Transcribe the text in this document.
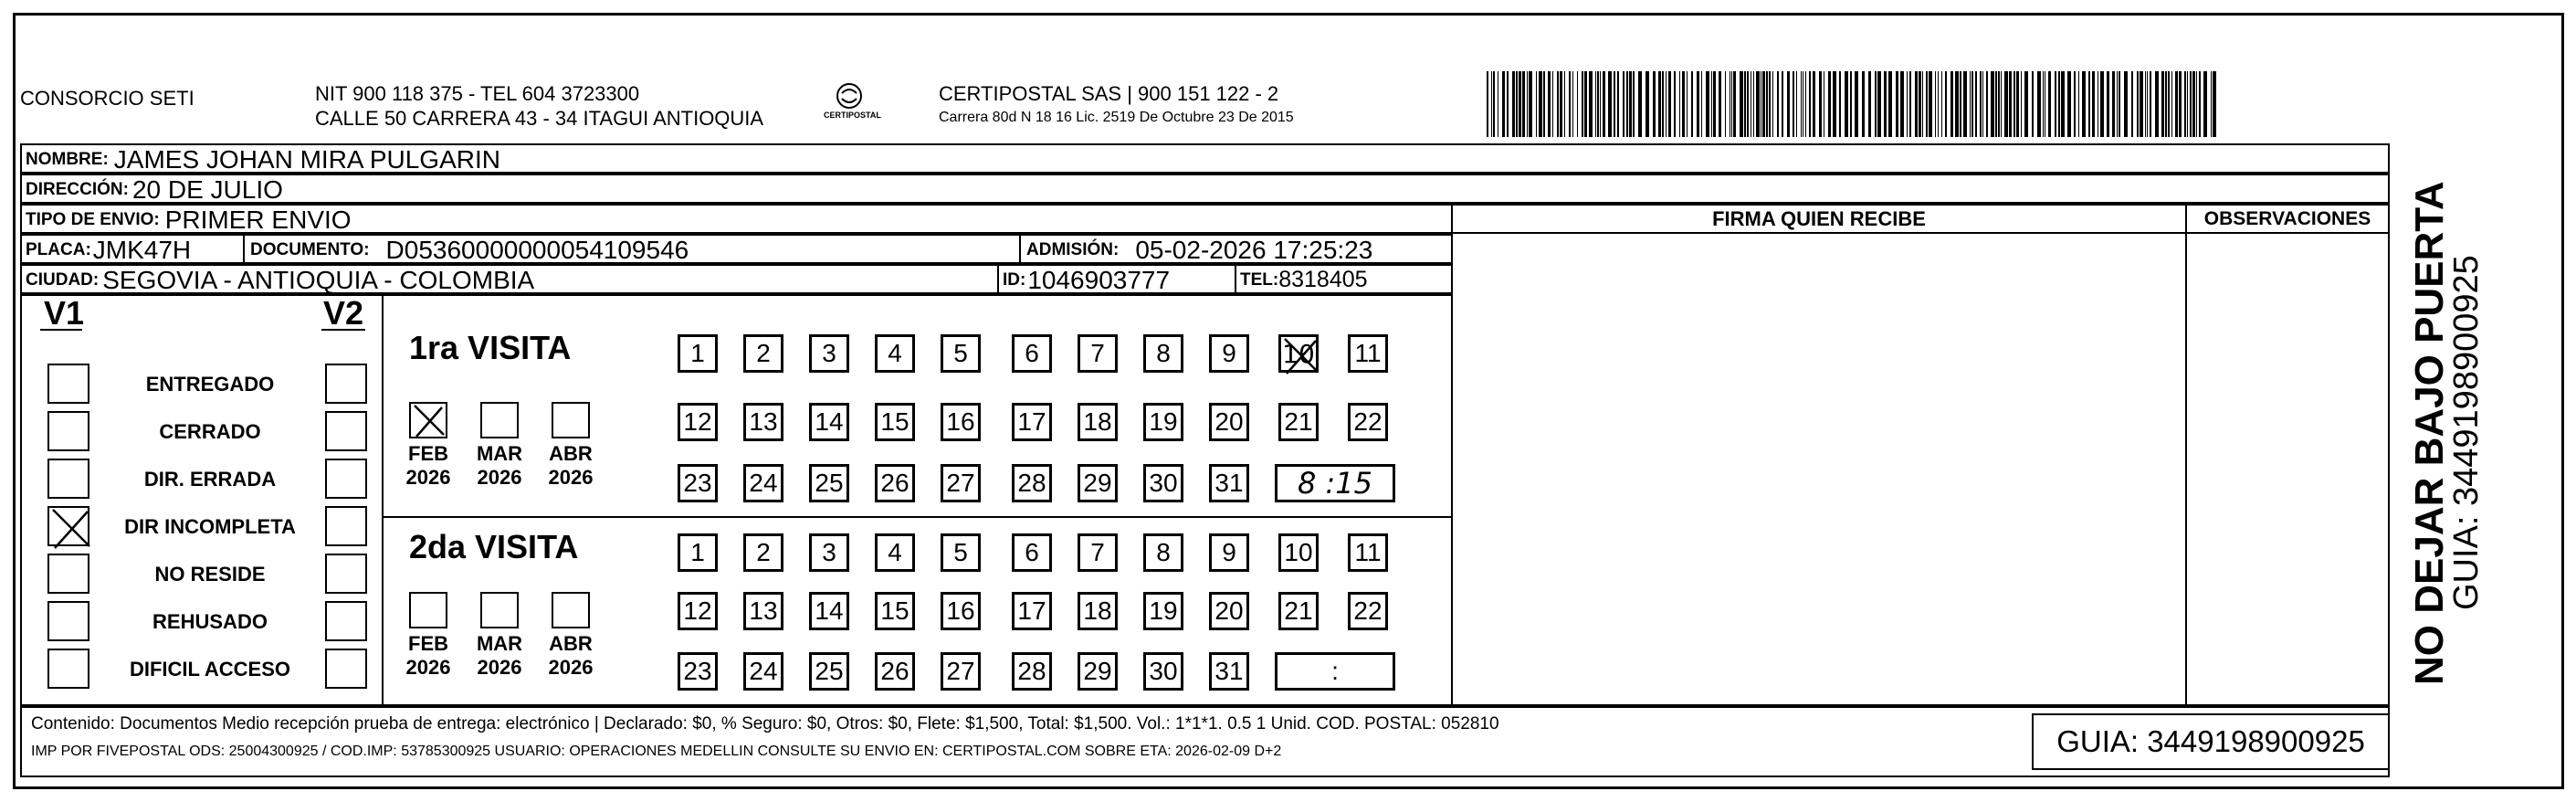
CONSORCIO SETI	NIT 900 118 375 - TEL 604 3723300
CALLE 50 CARRERA 43 - 34 ITAGUI ANTIOQUIA	CERTIPOSTAL
CERTIPOSTAL SAS | 900 151 122 - 2
Carrera 80d N 18 16 Lic. 2519 De Octubre 23 De 2015
NOMBRE: JAMES JOHAN MIRA PULGARIN
DIRECCIÓN: 20 DE JULIO
TIPO DE ENVIO: PRIMER ENVIO
PLACA: JMK47H	DOCUMENTO: D05360000000054109546	ADMISIÓN: 05-02-2026 17:25:23
CIUDAD: SEGOVIA - ANTIOQUIA - COLOMBIA	ID: 1046903777	TEL: 8318405
FIRMA QUIEN RECIBE	OBSERVACIONES
V1	V2
ENTREGADO
CERRADO
DIR. ERRADA
DIR INCOMPLETA
NO RESIDE
REHUSADO
DIFICIL ACCESO
1ra VISITA
FEB
2026
MAR
2026
ABR
2026
1 2 3 4 5 6 7 8 9 10 11
12 13 14 15 16 17 18 19 20 21 22
23 24 25 26 27 28 29 30 31 8 :15
2da VISITA
FEB
2026
MAR
2026
ABR
2026
1 2 3 4 5 6 7 8 9 10 11
12 13 14 15 16 17 18 19 20 21 22
23 24 25 26 27 28 29 30 31	:
Contenido: Documentos Medio recepción prueba de entrega: electrónico | Declarado: $0, % Seguro: $0, Otros: $0, Flete: $1,500, Total: $1,500. Vol.: 1*1*1. 0.5 1 Unid. COD. POSTAL: 052810
IMP POR FIVEPOSTAL ODS: 25004300925 / COD.IMP: 53785300925 USUARIO: OPERACIONES MEDELLIN CONSULTE SU ENVIO EN: CERTIPOSTAL.COM SOBRE ETA: 2026-02-09 D+2	GUIA: 3449198900925
NO DEJAR BAJO PUERTA
GUIA: 3449198900925
